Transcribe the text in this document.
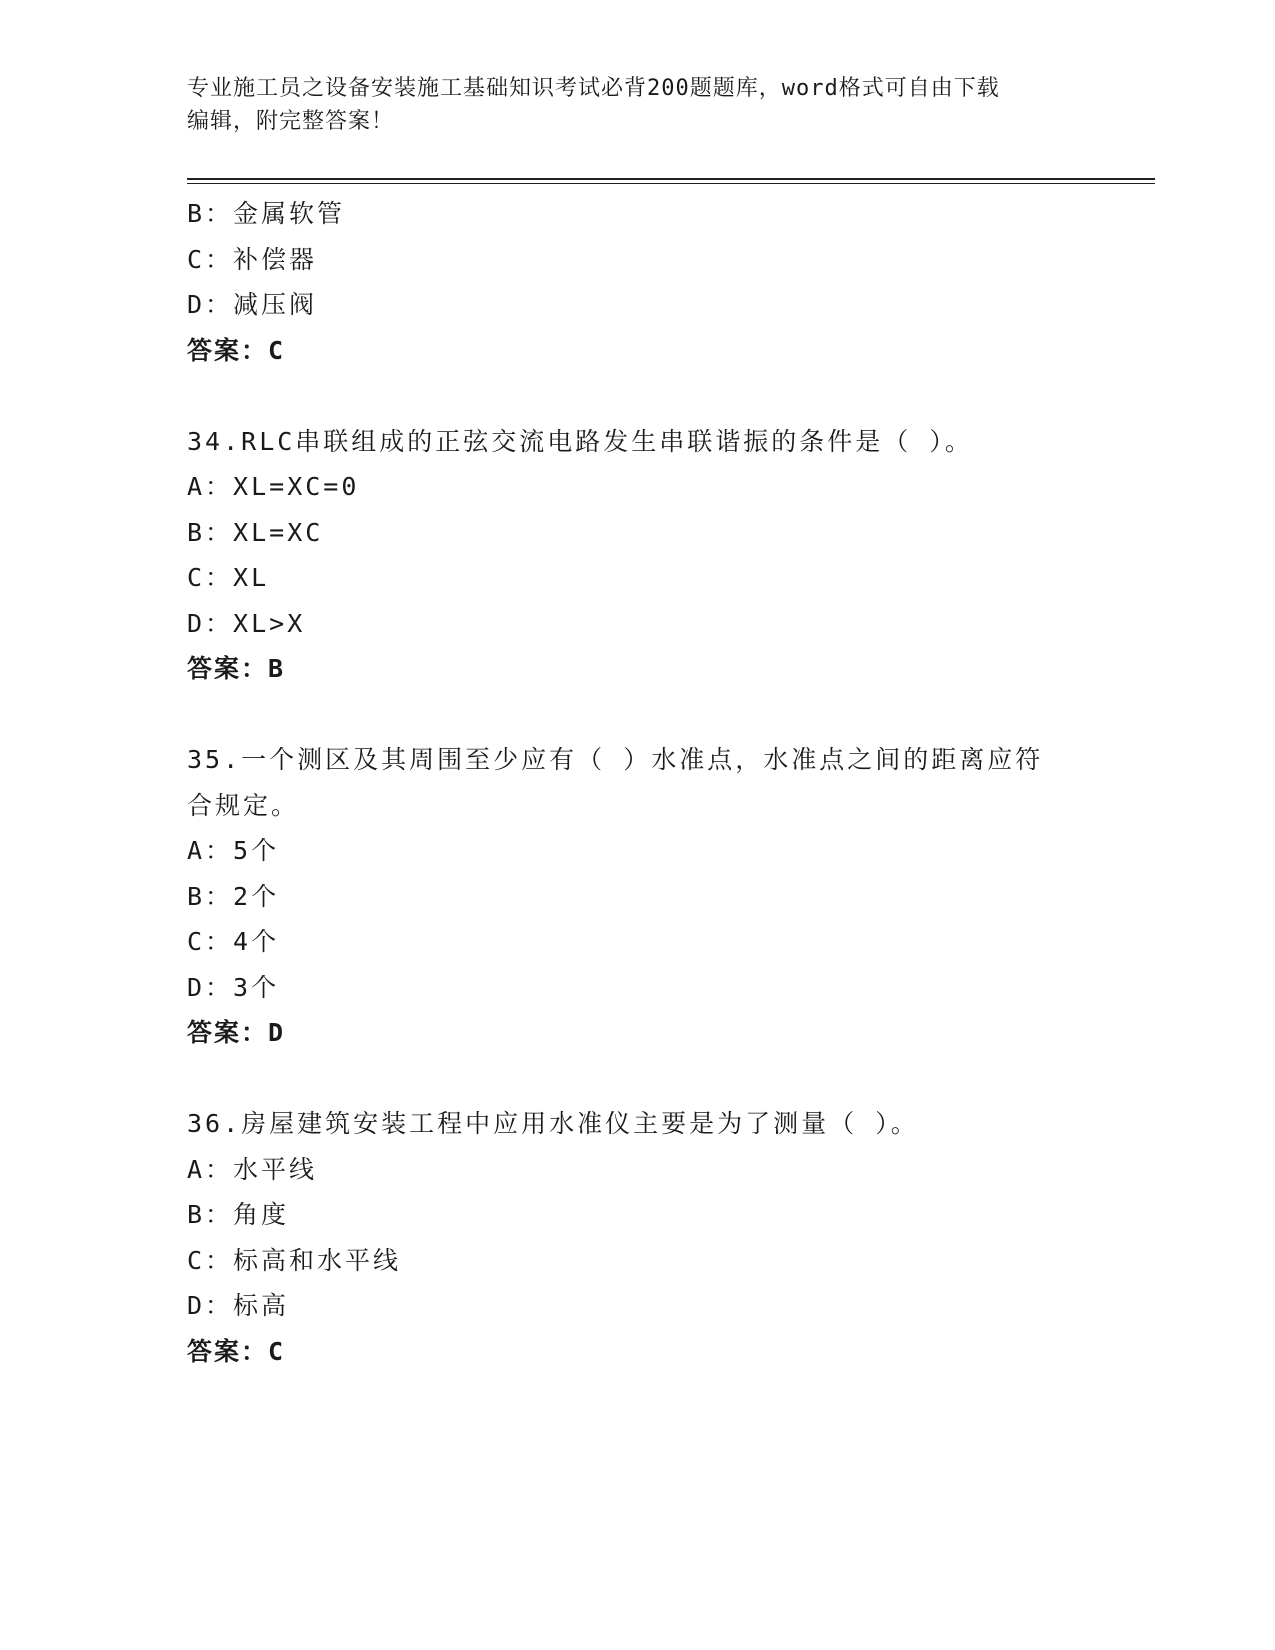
专业施工员之设备安装施工基础知识考试必背200题题库，word格式可自由下载
编辑，附完整答案！
B：金属软管
C：补偿器
D：减压阀
答案：C
34.RLC串联组成的正弦交流电路发生串联谐振的条件是（ ）。
A：XL=XC=0
B：XL=XC
C：XL
D：XL>X
答案：B
35.一个测区及其周围至少应有（ ）水准点，水准点之间的距离应符
合规定。
A：5个
B：2个
C：4个
D：3个
答案：D
36.房屋建筑安装工程中应用水准仪主要是为了测量（ ）。
A：水平线
B：角度
C：标高和水平线
D：标高
答案：C
